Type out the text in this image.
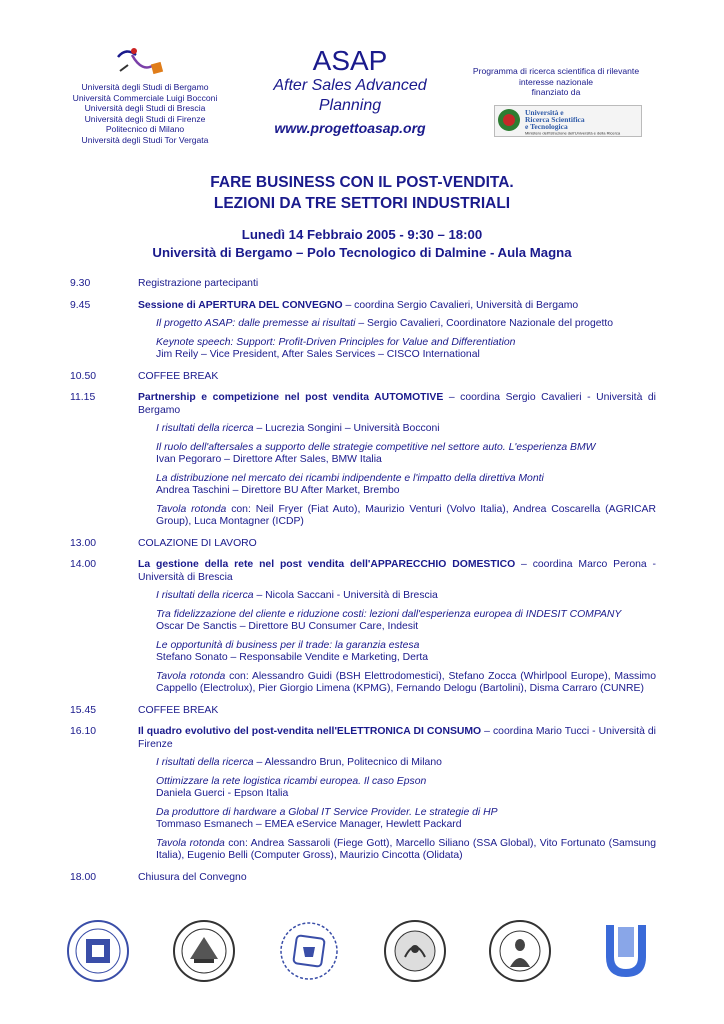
Università degli Studi di Bergamo
Università Commerciale Luigi Bocconi
Università degli Studi di Brescia
Università degli Studi di Firenze
Politecnico di Milano
Università degli Studi Tor Vergata
ASAP
After Sales Advanced
Planning
www.progettoasap.org
Programma di ricerca scientifica di rilevante
interesse nazionale
finanziato da
Università e
Ricerca Scientifica
e Tecnologica
Ministero dell'Istruzione dell'Università e della Ricerca
FARE BUSINESS CON IL POST-VENDITA.
LEZIONI DA TRE SETTORI INDUSTRIALI
Lunedì 14 Febbraio 2005 - 9:30 – 18:00
Università di Bergamo – Polo Tecnologico di Dalmine - Aula Magna
9.30	Registrazione partecipanti

9.45	Sessione di APERTURA DEL CONVEGNO – coordina Sergio Cavalieri, Università di Bergamo

Il progetto ASAP: dalle premesse ai risultati – Sergio Cavalieri, Coordinatore Nazionale del progetto

Keynote speech: Support: Profit-Driven Principles for Value and Differentiation
Jim Reily – Vice President, After Sales Services – CISCO International

10.50	COFFEE BREAK

11.15	Partnership e competizione nel post vendita AUTOMOTIVE – coordina Sergio Cavalieri - Università di Bergamo

I risultati della ricerca – Lucrezia Songini – Università Bocconi

Il ruolo dell'aftersales a supporto delle strategie competitive nel settore auto. L'esperienza BMW
Ivan Pegoraro – Direttore After Sales, BMW Italia

La distribuzione nel mercato dei ricambi indipendente e l'impatto della direttiva Monti
Andrea Taschini – Direttore BU After Market, Brembo

Tavola rotonda con: Neil Fryer (Fiat Auto), Maurizio Venturi (Volvo Italia), Andrea Coscarella (AGRICAR Group), Luca Montagner (ICDP)

13.00	COLAZIONE DI LAVORO

14.00	La gestione della rete nel post vendita dell'APPARECCHIO DOMESTICO – coordina Marco Perona - Università di Brescia

I risultati della ricerca – Nicola Saccani - Università di Brescia

Tra fidelizzazione del cliente e riduzione costi: lezioni dall'esperienza europea di INDESIT COMPANY
Oscar De Sanctis – Direttore BU Consumer Care, Indesit

Le opportunità di business per il trade: la garanzia estesa
Stefano Sonato – Responsabile Vendite e Marketing, Derta

Tavola rotonda con: Alessandro Guidi (BSH Elettrodomestici), Stefano Zocca (Whirlpool Europe), Massimo Cappello (Electrolux), Pier Giorgio Limena (KPMG), Fernando Delogu (Bartolini), Disma Carraro (CUNRE)

15.45	COFFEE BREAK

16.10	Il quadro evolutivo del post-vendita nell'ELETTRONICA DI CONSUMO – coordina Mario Tucci - Università di Firenze

I risultati della ricerca – Alessandro Brun, Politecnico di Milano

Ottimizzare la rete logistica ricambi europea. Il caso Epson
Daniela Guerci - Epson Italia

Da produttore di hardware a Global IT Service Provider. Le strategie di HP
Tommaso Esmanech – EMEA eService Manager, Hewlett Packard

Tavola rotonda con: Andrea Sassaroli (Fiege Gott), Marcello Siliano (SSA Global), Vito Fortunato (Samsung Italia), Eugenio Belli (Computer Gross), Maurizio Cincotta (Olidata)

18.00	Chiusura del Convegno
